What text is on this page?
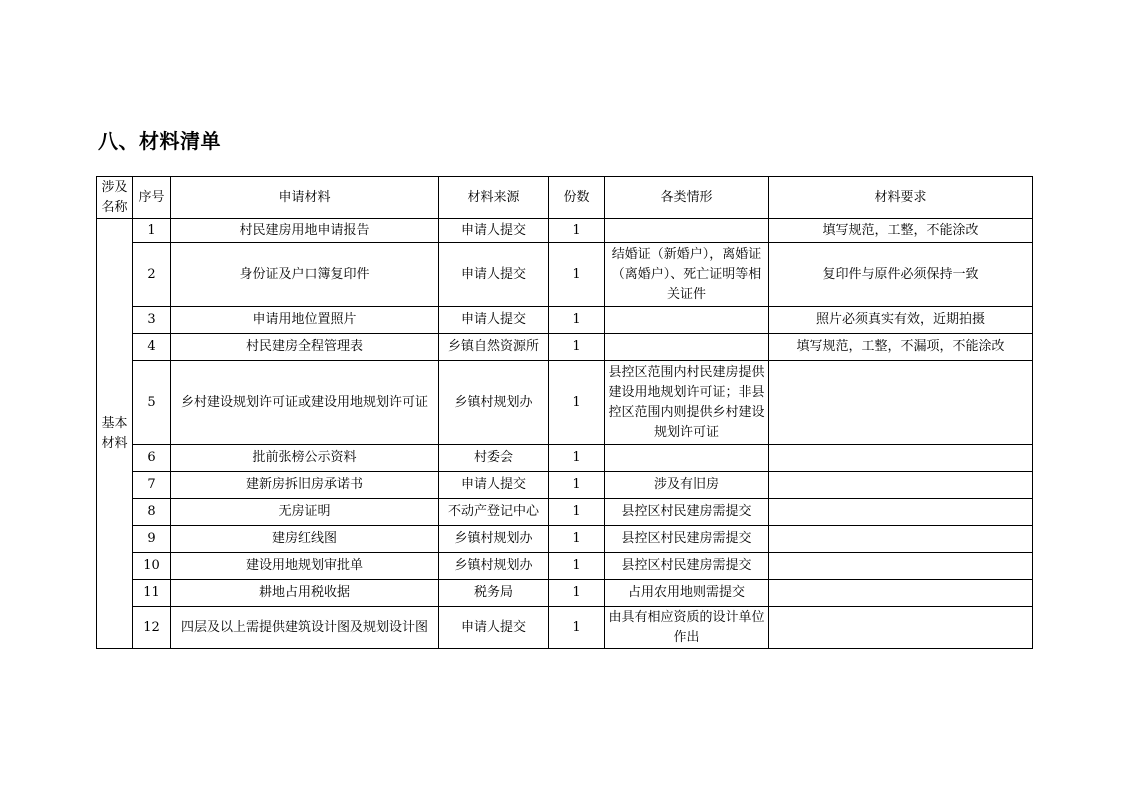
八、材料清单
涉及名称	序号	申请材料	材料来源	份数	各类情形	材料要求
基本材料	1	村民建房用地申请报告	申请人提交	1		填写规范，工整，不能涂改
	2	身份证及户口簿复印件	申请人提交	1	结婚证（新婚户），离婚证（离婚户）、死亡证明等相关证件	复印件与原件必须保持一致
	3	申请用地位置照片	申请人提交	1		照片必须真实有效，近期拍摄
	4	村民建房全程管理表	乡镇自然资源所	1		填写规范，工整，不漏项，不能涂改
	5	乡村建设规划许可证或建设用地规划许可证	乡镇村规划办	1	县控区范围内村民建房提供建设用地规划许可证；非县控区范围内则提供乡村建设规划许可证	
	6	批前张榜公示资料	村委会	1		
	7	建新房拆旧房承诺书	申请人提交	1	涉及有旧房	
	8	无房证明	不动产登记中心	1	县控区村民建房需提交	
	9	建房红线图	乡镇村规划办	1	县控区村民建房需提交	
	10	建设用地规划审批单	乡镇村规划办	1	县控区村民建房需提交	
	11	耕地占用税收据	税务局	1	占用农用地则需提交	
	12	四层及以上需提供建筑设计图及规划设计图	申请人提交	1	由具有相应资质的设计单位作出	
